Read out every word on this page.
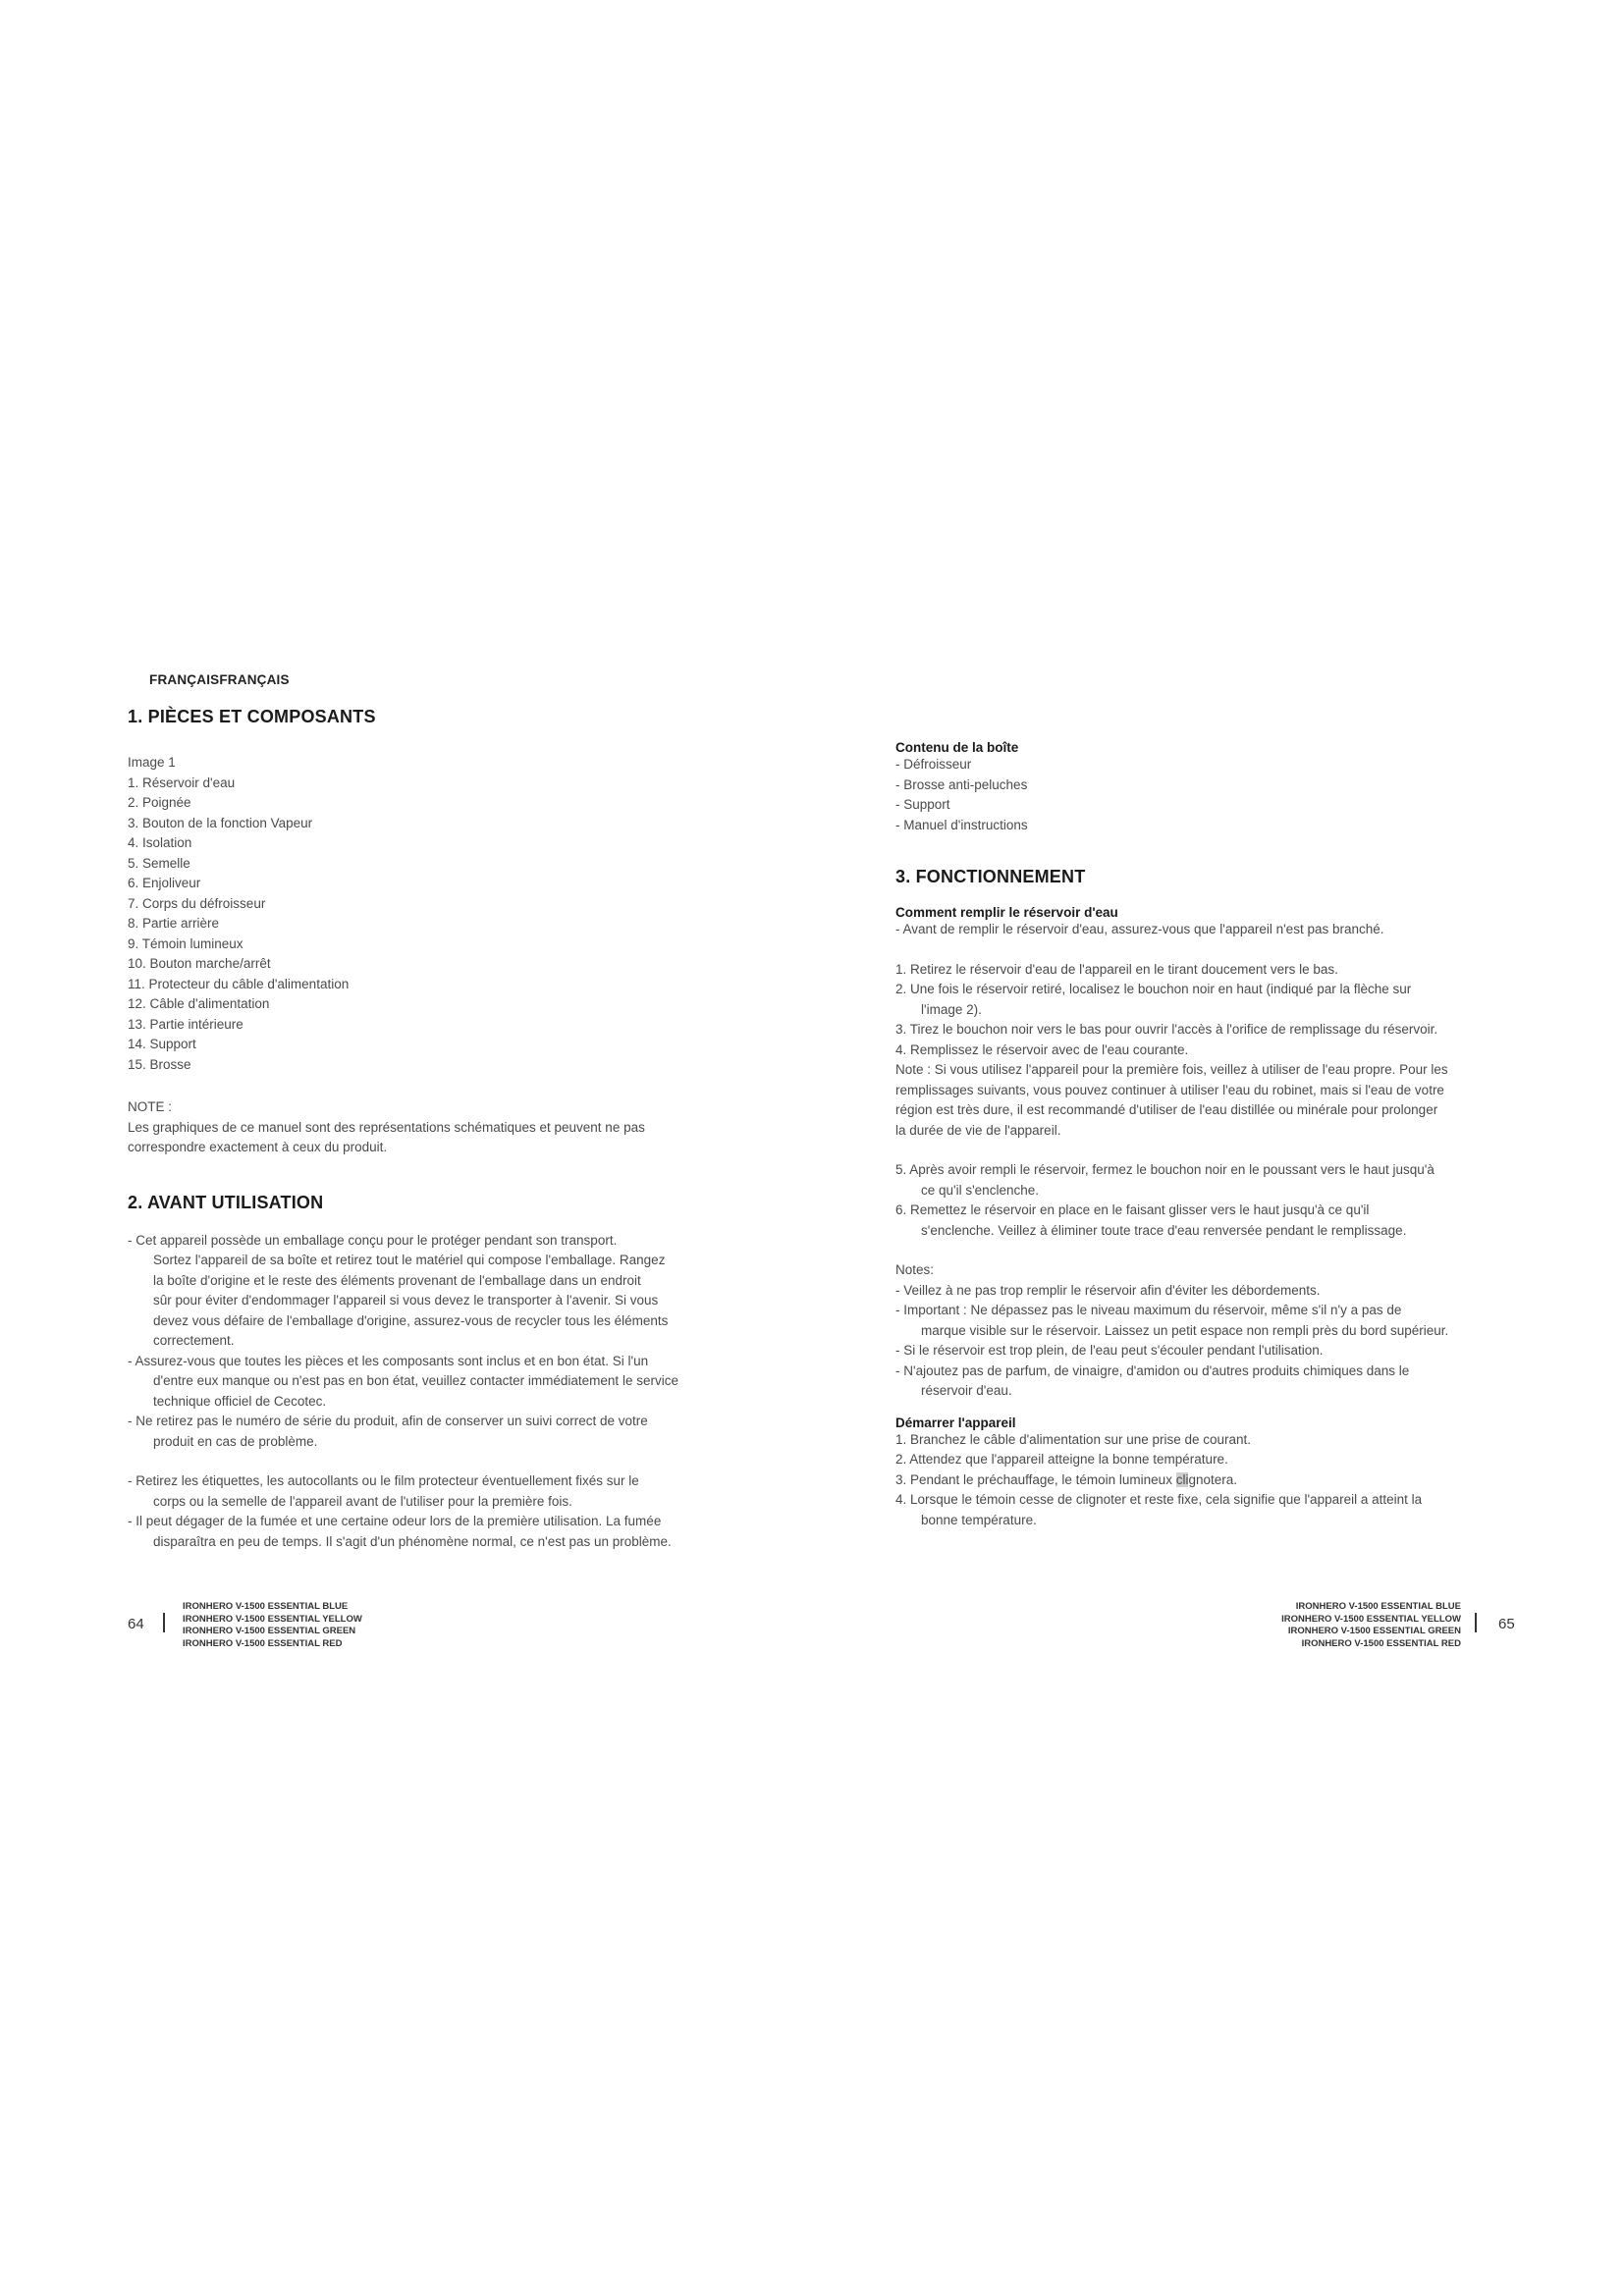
FRANÇAISFRANÇAIS
1. PIÈCES ET COMPOSANTS
Image 1
1. Réservoir d'eau
2. Poignée
3. Bouton de la fonction Vapeur
4. Isolation
5. Semelle
6. Enjoliveur
7. Corps du défroisseur
8. Partie arrière
9. Témoin lumineux
10. Bouton marche/arrêt
11. Protecteur du câble d'alimentation
12. Câble d'alimentation
13. Partie intérieure
14. Support
15. Brosse
NOTE :
Les graphiques de ce manuel sont des représentations schématiques et peuvent ne pas
correspondre exactement à ceux du produit.
2. AVANT UTILISATION
- Cet appareil possède un emballage conçu pour le protéger pendant son transport.
Sortez l'appareil de sa boîte et retirez tout le matériel qui compose l'emballage. Rangez
la boîte d'origine et le reste des éléments provenant de l'emballage dans un endroit
sûr pour éviter d'endommager l'appareil si vous devez le transporter à l'avenir. Si vous
devez vous défaire de l'emballage d'origine, assurez-vous de recycler tous les éléments
correctement.
- Assurez-vous que toutes les pièces et les composants sont inclus et en bon état. Si l'un
d'entre eux manque ou n'est pas en bon état, veuillez contacter immédiatement le service
technique officiel de Cecotec.
- Ne retirez pas le numéro de série du produit, afin de conserver un suivi correct de votre
produit en cas de problème.
- Retirez les étiquettes, les autocollants ou le film protecteur éventuellement fixés sur le
corps ou la semelle de l'appareil avant de l'utiliser pour la première fois.
- Il peut dégager de la fumée et une certaine odeur lors de la première utilisation. La fumée
disparaîtra en peu de temps. Il s'agit d'un phénomène normal, ce n'est pas un problème.
Contenu de la boîte
- Défroisseur
- Brosse anti-peluches
- Support
- Manuel d'instructions
3. FONCTIONNEMENT
Comment remplir le réservoir d'eau
- Avant de remplir le réservoir d'eau, assurez-vous que l'appareil n'est pas branché.
1. Retirez le réservoir d'eau de l'appareil en le tirant doucement vers le bas.
2. Une fois le réservoir retiré, localisez le bouchon noir en haut (indiqué par la flèche sur
l'image 2).
3. Tirez le bouchon noir vers le bas pour ouvrir l'accès à l'orifice de remplissage du réservoir.
4. Remplissez le réservoir avec de l'eau courante.
Note : Si vous utilisez l'appareil pour la première fois, veillez à utiliser de l'eau propre. Pour les
remplissages suivants, vous pouvez continuer à utiliser l'eau du robinet, mais si l'eau de votre
région est très dure, il est recommandé d'utiliser de l'eau distillée ou minérale pour prolonger
la durée de vie de l'appareil.
5. Après avoir rempli le réservoir, fermez le bouchon noir en le poussant vers le haut jusqu'à
ce qu'il s'enclenche.
6. Remettez le réservoir en place en le faisant glisser vers le haut jusqu'à ce qu'il
s'enclenche. Veillez à éliminer toute trace d'eau renversée pendant le remplissage.
Notes:
- Veillez à ne pas trop remplir le réservoir afin d'éviter les débordements.
- Important : Ne dépassez pas le niveau maximum du réservoir, même s'il n'y a pas de
marque visible sur le réservoir. Laissez un petit espace non rempli près du bord supérieur.
- Si le réservoir est trop plein, de l'eau peut s'écouler pendant l'utilisation.
- N'ajoutez pas de parfum, de vinaigre, d'amidon ou d'autres produits chimiques dans le
réservoir d'eau.
Démarrer l'appareil
1. Branchez le câble d'alimentation sur une prise de courant.
2. Attendez que l'appareil atteigne la bonne température.
3. Pendant le préchauffage, le témoin lumineux clignotera.
4. Lorsque le témoin cesse de clignoter et reste fixe, cela signifie que l'appareil a atteint la
bonne température.
64
IRONHERO V-1500 ESSENTIAL BLUE
IRONHERO V-1500 ESSENTIAL YELLOW
IRONHERO V-1500 ESSENTIAL GREEN
IRONHERO V-1500 ESSENTIAL RED
IRONHERO V-1500 ESSENTIAL BLUE
IRONHERO V-1500 ESSENTIAL YELLOW
IRONHERO V-1500 ESSENTIAL GREEN
IRONHERO V-1500 ESSENTIAL RED
65
